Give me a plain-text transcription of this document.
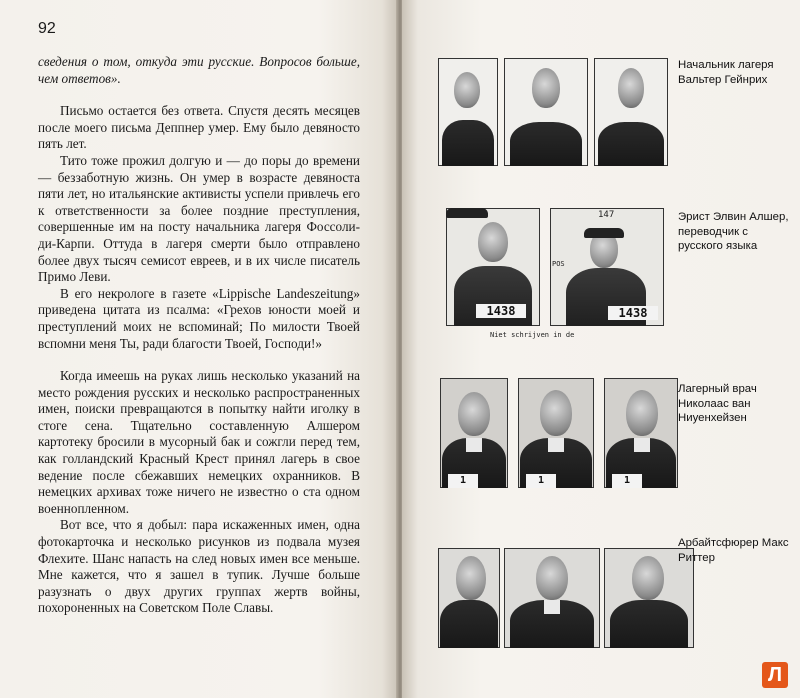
92

сведения о том, откуда эти русские. Вопросов больше, чем ответов».

Письмо остается без ответа. Спустя десять месяцев после моего письма Деппнер умер. Ему было девяносто пять лет.

Тито тоже прожил долгую и — до поры до времени — беззаботную жизнь. Он умер в возрасте девяноста пяти лет, но итальянские активисты успели привлечь его к ответственности за более поздние преступления, совершенные им на посту начальника лагеря Фоссоли-ди-Карпи. Оттуда в лагеря смерти было отправлено более двух тысяч семисот евреев, и в их числе писатель Примо Леви.

В его некрологе в газете «Lippische Landeszeitung» приведена цитата из псалма: «Грехов юности моей и преступлений моих не вспоминай; По милости Твоей вспомни меня Ты, ради благости Твоей, Господи!»

Когда имеешь на руках лишь несколько указаний на место рождения русских и несколько распространенных имен, поиски превращаются в попытку найти иголку в стоге сена. Тщательно составленную Алшером картотеку бросили в мусорный бак и сожгли перед тем, как голландский Красный Крест принял лагерь в свое ведение после сбежавших немецких охранников. В немецких архивах тоже ничего не известно о ста одном военнопленном.

Вот все, что я добыл: пара искаженных имен, одна фотокарточка и несколько рисунков из подвала музея Флехите. Шанс напасть на след новых имен все меньше. Мне кажется, что я зашел в тупик. Лучше больше разузнать о двух других группах жертв войны, похороненных на Советском Поле Славы.

Начальник лагеря Вальтер Гейнрих
1438
147
POS
1438
Niet schrijven in de
Эрист Элвин Алшер, переводчик с русского языка
1	1	1
Лагерный врач Николаас ван Ниуенхейзен
Арбайтсфюрер Макс Риттер
Л
